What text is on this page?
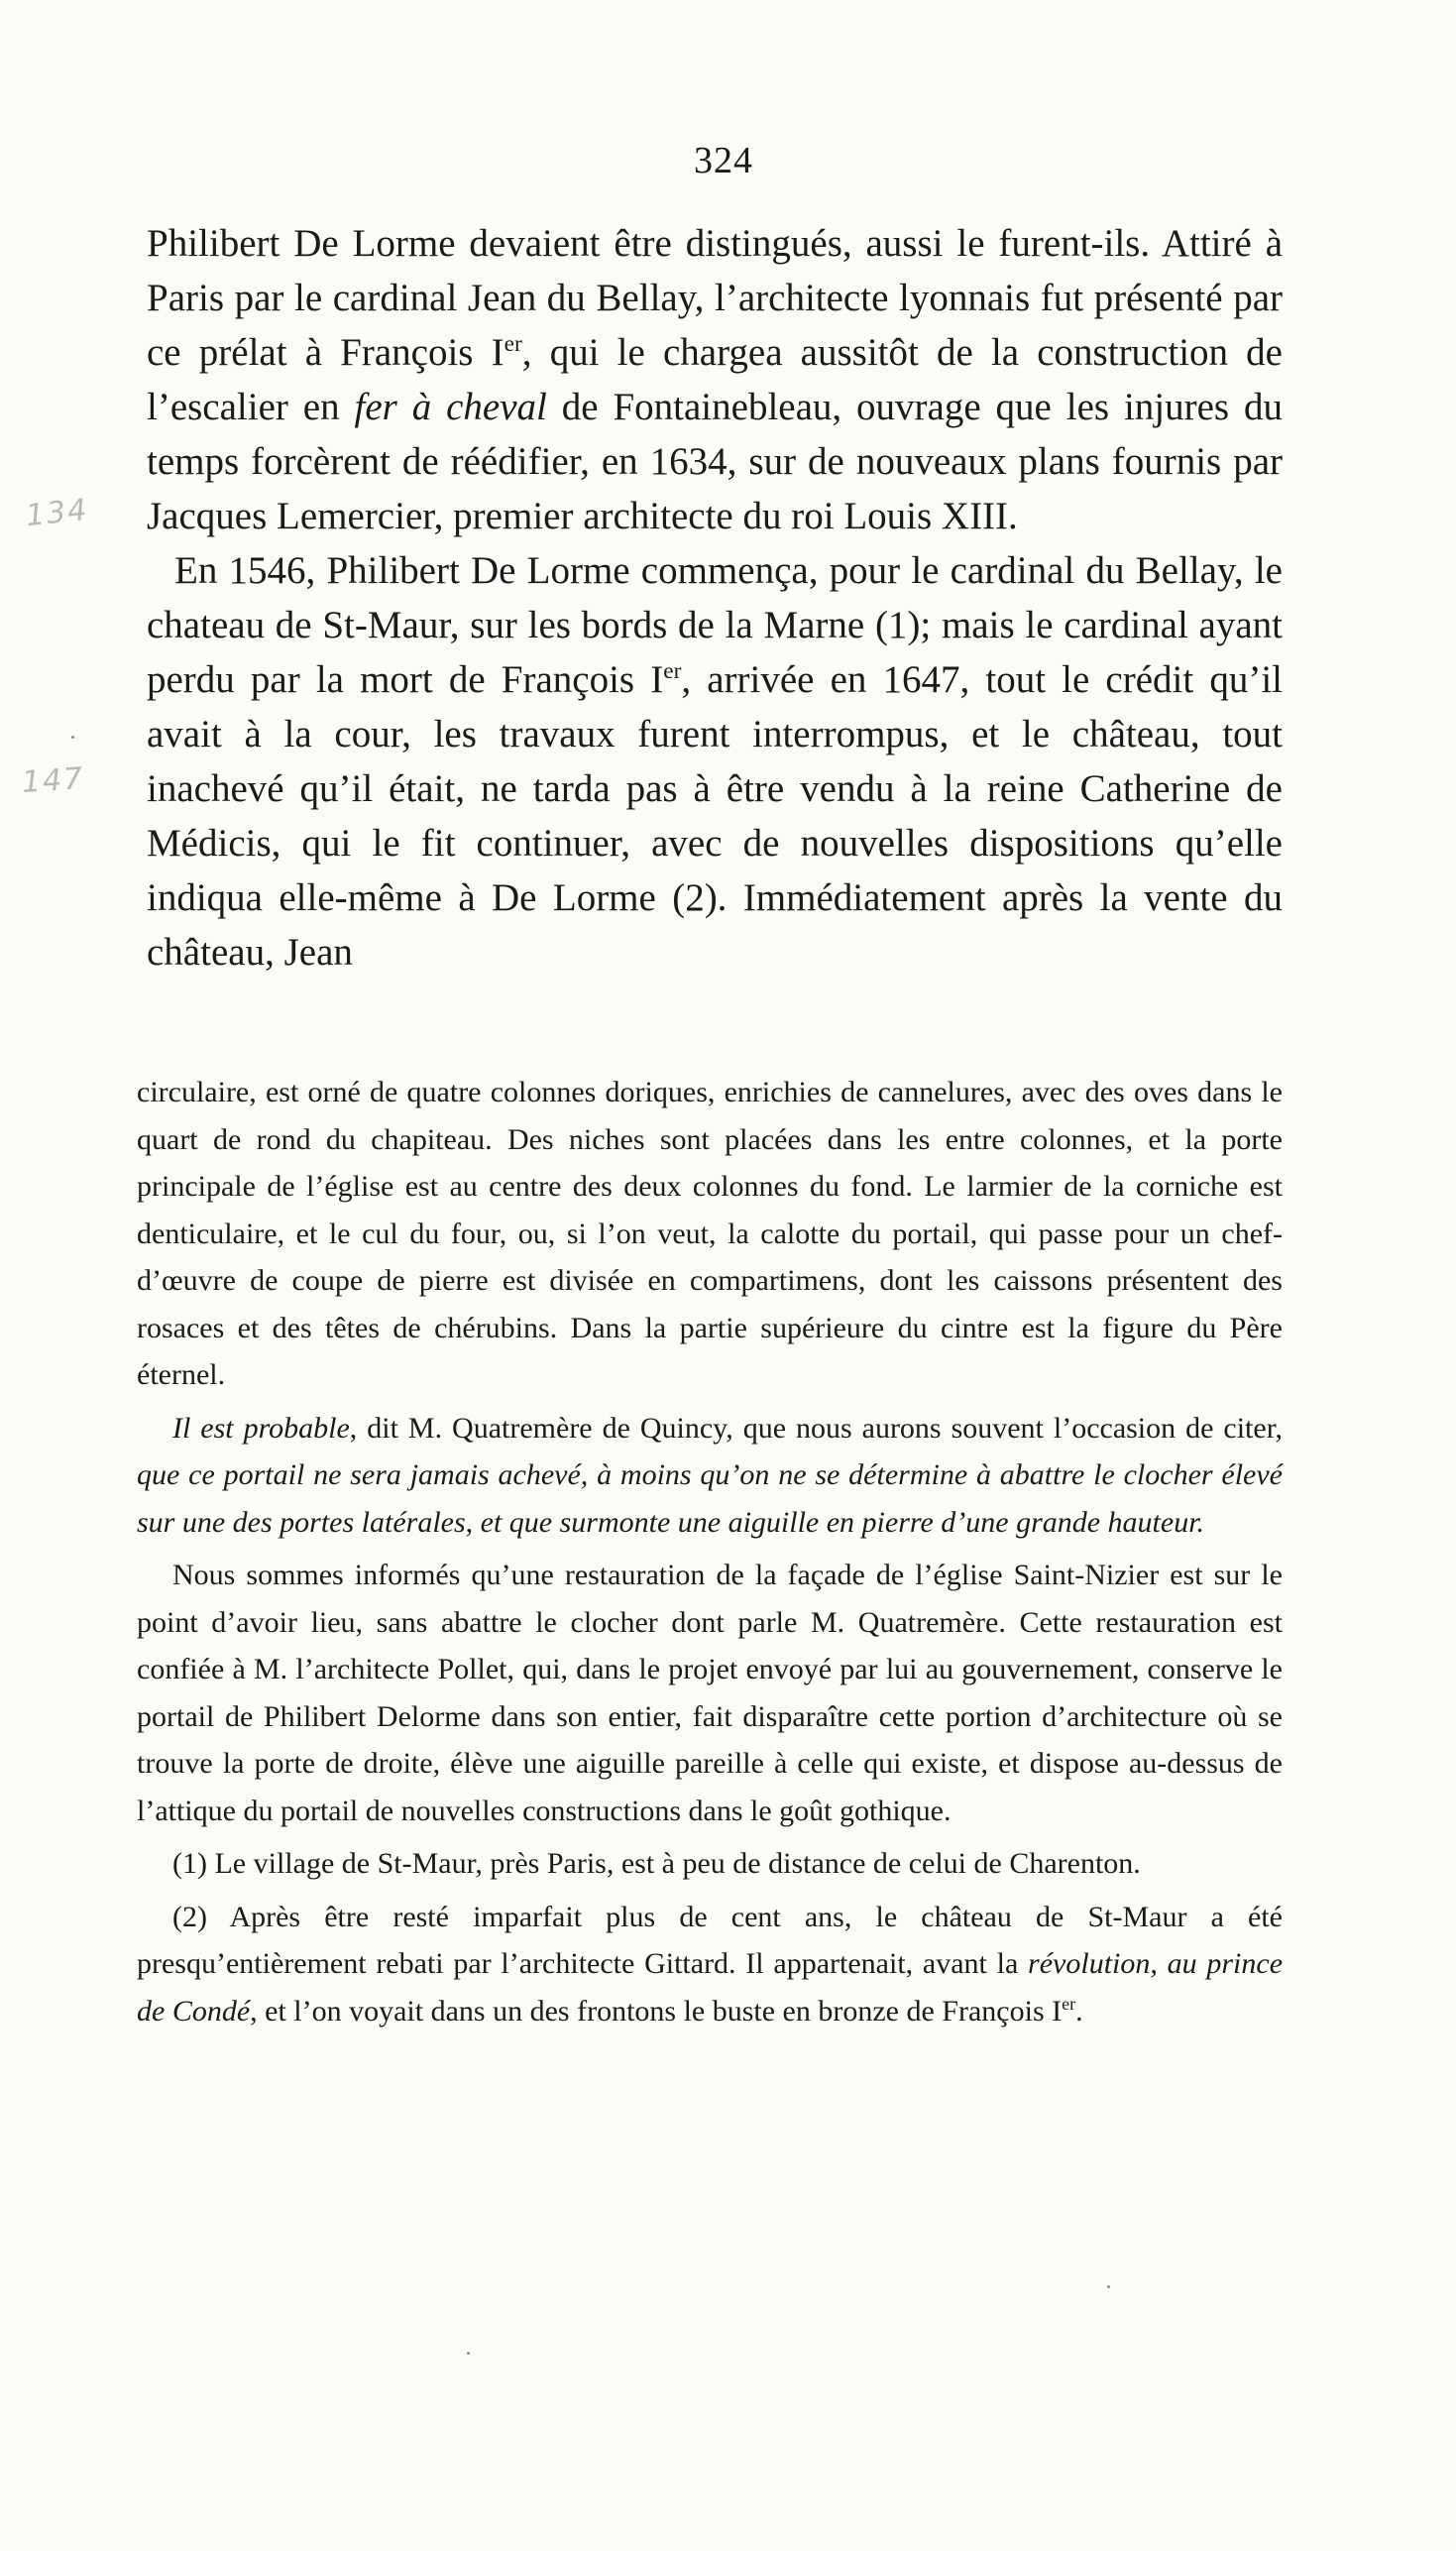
324
134
147

Philibert De Lorme devaient être distingués, aussi le furent-ils. Attiré à Paris par le cardinal Jean du Bellay, l’architecte lyonnais fut présenté par ce prélat à François Ier, qui le chargea aussitôt de la construction de l’escalier en fer à cheval de Fontainebleau, ouvrage que les injures du temps forcèrent de réédifier, en 1634, sur de nouveaux plans fournis par Jacques Lemercier, premier architecte du roi Louis XIII.

En 1546, Philibert De Lorme commença, pour le cardinal du Bellay, le chateau de St-Maur, sur les bords de la Marne (1); mais le cardinal ayant perdu par la mort de François Ier, arrivée en 1647, tout le crédit qu’il avait à la cour, les travaux furent interrompus, et le château, tout inachevé qu’il était, ne tarda pas à être vendu à la reine Catherine de Médicis, qui le fit continuer, avec de nouvelles dispositions qu’elle indiqua elle-même à De Lorme (2). Immédiatement après la vente du château, Jean

circulaire, est orné de quatre colonnes doriques, enrichies de cannelures, avec des oves dans le quart de rond du chapiteau. Des niches sont placées dans les entre colonnes, et la porte principale de l’église est au centre des deux colonnes du fond. Le larmier de la corniche est denticulaire, et le cul du four, ou, si l’on veut, la calotte du portail, qui passe pour un chef-d’œuvre de coupe de pierre est divisée en compartimens, dont les caissons présentent des rosaces et des têtes de chérubins. Dans la partie supérieure du cintre est la figure du Père éternel.

Il est probable, dit M. Quatremère de Quincy, que nous aurons souvent l’occasion de citer, que ce portail ne sera jamais achevé, à moins qu’on ne se détermine à abattre le clocher élevé sur une des portes latérales, et que surmonte une aiguille en pierre d’une grande hauteur.

Nous sommes informés qu’une restauration de la façade de l’église Saint-Nizier est sur le point d’avoir lieu, sans abattre le clocher dont parle M. Quatremère. Cette restauration est confiée à M. l’architecte Pollet, qui, dans le projet envoyé par lui au gouvernement, conserve le portail de Philibert Delorme dans son entier, fait disparaître cette portion d’architecture où se trouve la porte de droite, élève une aiguille pareille à celle qui existe, et dispose au-dessus de l’attique du portail de nouvelles constructions dans le goût gothique.

(1) Le village de St-Maur, près Paris, est à peu de distance de celui de Charenton.

(2) Après être resté imparfait plus de cent ans, le château de St-Maur a été presqu’entièrement rebati par l’architecte Gittard. Il appartenait, avant la révolution, au prince de Condé, et l’on voyait dans un des frontons le buste en bronze de François Ier.
